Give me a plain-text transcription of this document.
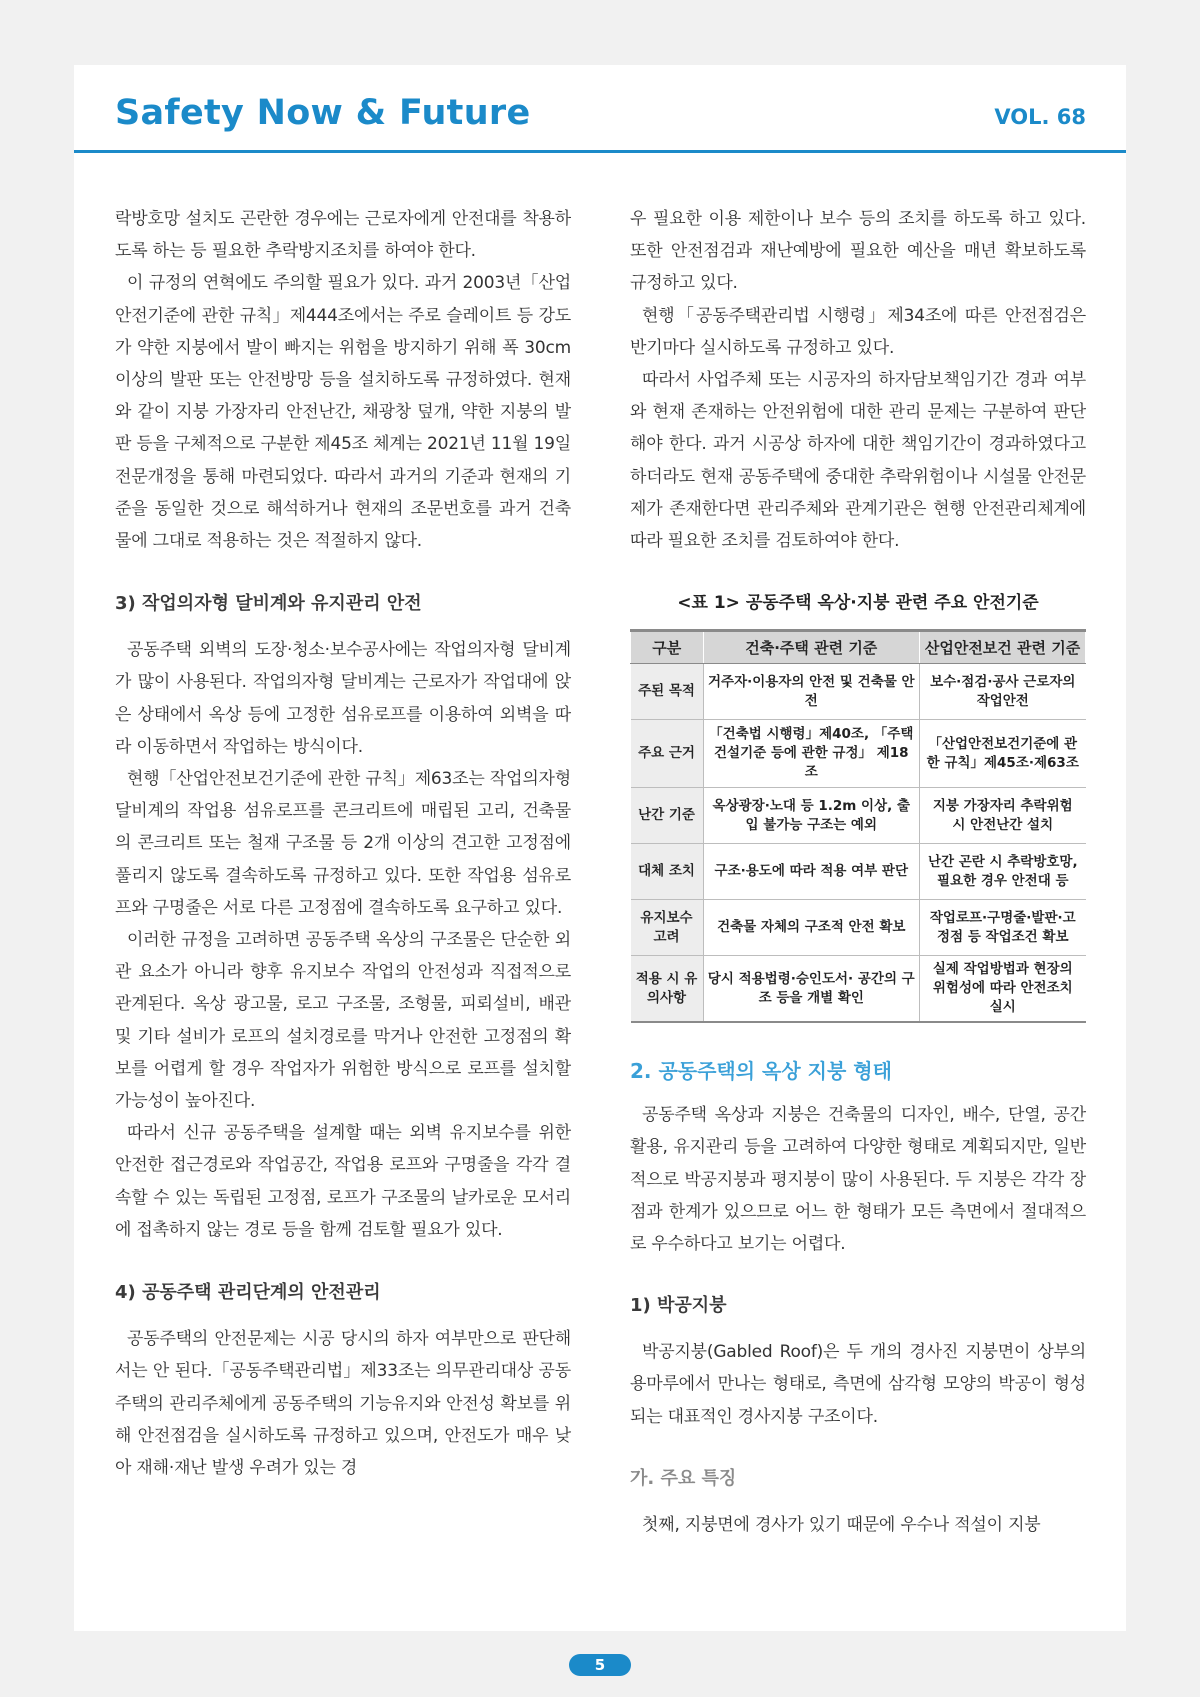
Safety Now & Future	VOL. 68

락방호망 설치도 곤란한 경우에는 근로자에게 안전대를 착용하도록 하는 등 필요한 추락방지조치를 하여야 한다.

이 규정의 연혁에도 주의할 필요가 있다. 과거 2003년「산업안전기준에 관한 규칙」제444조에서는 주로 슬레이트 등 강도가 약한 지붕에서 발이 빠지는 위험을 방지하기 위해 폭 30cm 이상의 발판 또는 안전방망 등을 설치하도록 규정하였다. 현재와 같이 지붕 가장자리 안전난간, 채광창 덮개, 약한 지붕의 발판 등을 구체적으로 구분한 제45조 체계는 2021년 11월 19일 전문개정을 통해 마련되었다. 따라서 과거의 기준과 현재의 기준을 동일한 것으로 해석하거나 현재의 조문번호를 과거 건축물에 그대로 적용하는 것은 적절하지 않다.

3) 작업의자형 달비계와 유지관리 안전

공동주택 외벽의 도장·청소·보수공사에는 작업의자형 달비계가 많이 사용된다. 작업의자형 달비계는 근로자가 작업대에 앉은 상태에서 옥상 등에 고정한 섬유로프를 이용하여 외벽을 따라 이동하면서 작업하는 방식이다.

현행「산업안전보건기준에 관한 규칙」제63조는 작업의자형 달비계의 작업용 섬유로프를 콘크리트에 매립된 고리, 건축물의 콘크리트 또는 철재 구조물 등 2개 이상의 견고한 고정점에 풀리지 않도록 결속하도록 규정하고 있다. 또한 작업용 섬유로프와 구명줄은 서로 다른 고정점에 결속하도록 요구하고 있다.

이러한 규정을 고려하면 공동주택 옥상의 구조물은 단순한 외관 요소가 아니라 향후 유지보수 작업의 안전성과 직접적으로 관계된다. 옥상 광고물, 로고 구조물, 조형물, 피뢰설비, 배관 및 기타 설비가 로프의 설치경로를 막거나 안전한 고정점의 확보를 어렵게 할 경우 작업자가 위험한 방식으로 로프를 설치할 가능성이 높아진다.

따라서 신규 공동주택을 설계할 때는 외벽 유지보수를 위한 안전한 접근경로와 작업공간, 작업용 로프와 구명줄을 각각 결속할 수 있는 독립된 고정점, 로프가 구조물의 날카로운 모서리에 접촉하지 않는 경로 등을 함께 검토할 필요가 있다.

4) 공동주택 관리단계의 안전관리

공동주택의 안전문제는 시공 당시의 하자 여부만으로 판단해서는 안 된다.「공동주택관리법」제33조는 의무관리대상 공동주택의 관리주체에게 공동주택의 기능유지와 안전성 확보를 위해 안전점검을 실시하도록 규정하고 있으며, 안전도가 매우 낮아 재해·재난 발생 우려가 있는 경

우 필요한 이용 제한이나 보수 등의 조치를 하도록 하고 있다. 또한 안전점검과 재난예방에 필요한 예산을 매년 확보하도록 규정하고 있다.

현행「공동주택관리법 시행령」제34조에 따른 안전점검은 반기마다 실시하도록 규정하고 있다.

따라서 사업주체 또는 시공자의 하자담보책임기간 경과 여부와 현재 존재하는 안전위험에 대한 관리 문제는 구분하여 판단해야 한다. 과거 시공상 하자에 대한 책임기간이 경과하였다고 하더라도 현재 공동주택에 중대한 추락위험이나 시설물 안전문제가 존재한다면 관리주체와 관계기관은 현행 안전관리체계에 따라 필요한 조치를 검토하여야 한다.

<표 1> 공동주택 옥상·지붕 관련 주요 안전기준

구분	건축·주택 관련 기준	산업안전보건 관련 기준
주된 목적	거주자·이용자의 안전 및 건축물 안전	보수·점검·공사 근로자의 작업안전
주요 근거	「건축법 시행령」제40조, 「주택건설기준 등에 관한 규정」 제18조	「산업안전보건기준에 관한 규칙」제45조·제63조
난간 기준	옥상광장·노대 등 1.2m 이상, 출입 불가능 구조는 예외	지붕 가장자리 추락위험 시 안전난간 설치
대체 조치	구조·용도에 따라 적용 여부 판단	난간 곤란 시 추락방호망, 필요한 경우 안전대 등
유지보수 고려	건축물 자체의 구조적 안전 확보	작업로프·구명줄·발판·고정점 등 작업조건 확보
적용 시 유의사항	당시 적용법령·승인도서· 공간의 구조 등을 개별 확인	실제 작업방법과 현장의 위험성에 따라 안전조치 실시
2. 공동주택의 옥상 지붕 형태

공동주택 옥상과 지붕은 건축물의 디자인, 배수, 단열, 공간 활용, 유지관리 등을 고려하여 다양한 형태로 계획되지만, 일반적으로 박공지붕과 평지붕이 많이 사용된다. 두 지붕은 각각 장점과 한계가 있으므로 어느 한 형태가 모든 측면에서 절대적으로 우수하다고 보기는 어렵다.

1) 박공지붕

박공지붕(Gabled Roof)은 두 개의 경사진 지붕면이 상부의 용마루에서 만나는 형태로, 측면에 삼각형 모양의 박공이 형성되는 대표적인 경사지붕 구조이다.

가. 주요 특징

첫째, 지붕면에 경사가 있기 때문에 우수나 적설이 지붕

5
